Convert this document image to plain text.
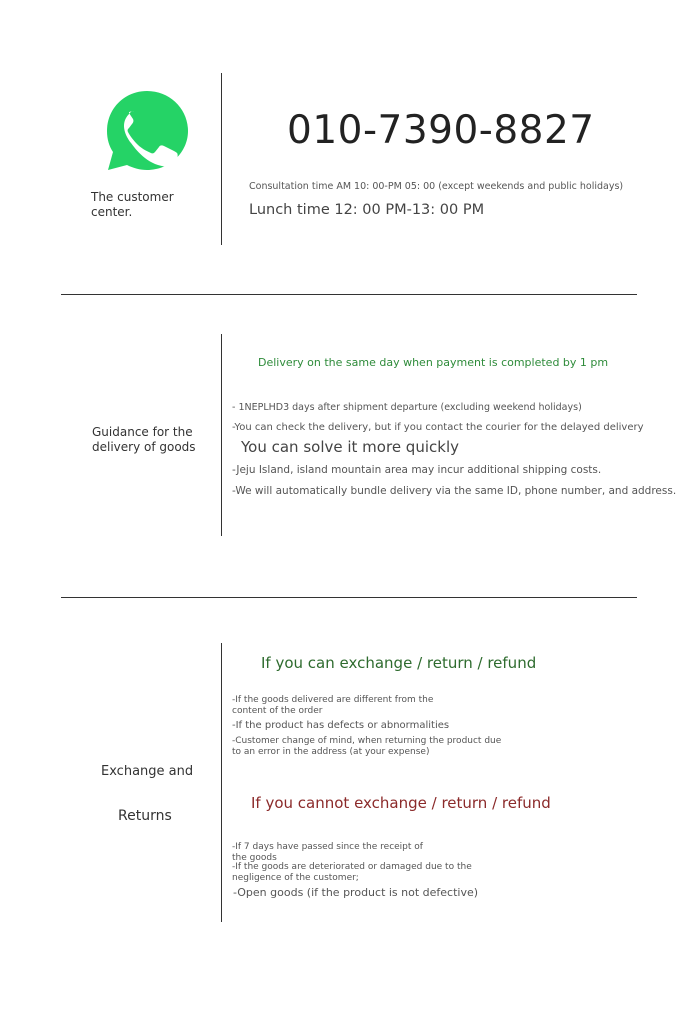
The customer center.
010-7390-8827
Consultation time AM 10: 00-PM 05: 00 (except weekends and public holidays)
Lunch time 12: 00 PM-13: 00 PM
Guidance for the delivery of goods
Delivery on the same day when payment is completed by 1 pm
- 1NEPLHD3 days after shipment departure (excluding weekend holidays)
-You can check the delivery, but if you contact the courier for the delayed delivery
You can solve it more quickly
-Jeju Island, island mountain area may incur additional shipping costs.
-We will automatically bundle delivery via the same ID, phone number, and address.
Exchange and
Returns
If you can exchange / return / refund
-If the goods delivered are different from the content of the order
-If the product has defects or abnormalities
-Customer change of mind, when returning the product due to an error in the address (at your expense)
If you cannot exchange / return / refund
-If 7 days have passed since the receipt of the goods
-If the goods are deteriorated or damaged due to the negligence of the customer;
-Open goods (if the product is not defective)
